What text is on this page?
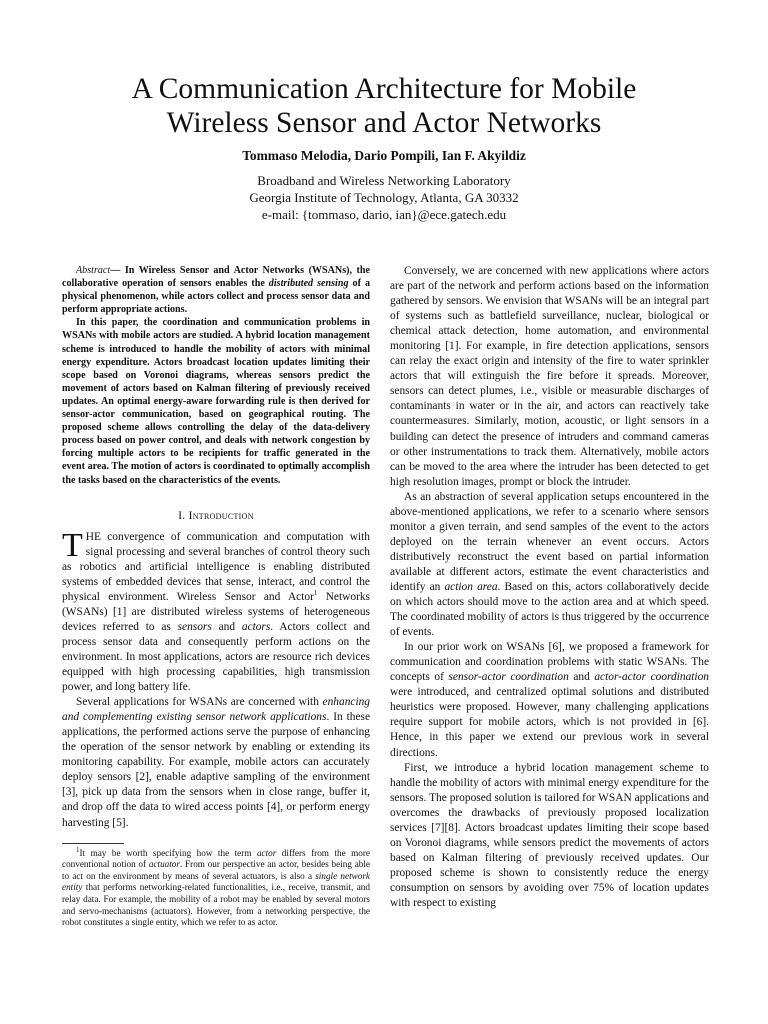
A Communication Architecture for Mobile
Wireless Sensor and Actor Networks
Tommaso Melodia, Dario Pompili, Ian F. Akyildiz
Broadband and Wireless Networking Laboratory
Georgia Institute of Technology, Atlanta, GA 30332
e-mail: {tommaso, dario, ian}@ece.gatech.edu

Abstract— In Wireless Sensor and Actor Networks (WSANs), the collaborative operation of sensors enables the distributed sensing of a physical phenomenon, while actors collect and process sensor data and perform appropriate actions.

In this paper, the coordination and communication problems in WSANs with mobile actors are studied. A hybrid location management scheme is introduced to handle the mobility of actors with minimal energy expenditure. Actors broadcast location updates limiting their scope based on Voronoi diagrams, whereas sensors predict the movement of actors based on Kalman filtering of previously received updates. An optimal energy-aware forwarding rule is then derived for sensor-actor communication, based on geographical routing. The proposed scheme allows controlling the delay of the data-delivery process based on power control, and deals with network congestion by forcing multiple actors to be recipients for traffic generated in the event area. The motion of actors is coordinated to optimally accomplish the tasks based on the characteristics of the events.

I. Introduction

THE convergence of communication and computation with signal processing and several branches of control theory such as robotics and artificial intelligence is enabling distributed systems of embedded devices that sense, interact, and control the physical environment. Wireless Sensor and Actor$^1$ Networks (WSANs) [1] are distributed wireless systems of heterogeneous devices referred to as sensors and actors. Actors collect and process sensor data and consequently perform actions on the environment. In most applications, actors are resource rich devices equipped with high processing capabilities, high transmission power, and long battery life.

Several applications for WSANs are concerned with enhancing and complementing existing sensor network applications. In these applications, the performed actions serve the purpose of enhancing the operation of the sensor network by enabling or extending its monitoring capability. For example, mobile actors can accurately deploy sensors [2], enable adaptive sampling of the environment [3], pick up data from the sensors when in close range, buffer it, and drop off the data to wired access points [4], or perform energy harvesting [5].

$^1$It may be worth specifying how the term actor differs from the more conventional notion of actuator. From our perspective an actor, besides being able to act on the environment by means of several actuators, is also a single network entity that performs networking-related functionalities, i.e., receive, transmit, and relay data. For example, the mobility of a robot may be enabled by several motors and servo-mechanisms (actuators). However, from a networking perspective, the robot constitutes a single entity, which we refer to as actor.

Conversely, we are concerned with new applications where actors are part of the network and perform actions based on the information gathered by sensors. We envision that WSANs will be an integral part of systems such as battlefield surveillance, nuclear, biological or chemical attack detection, home automation, and environmental monitoring [1]. For example, in fire detection applications, sensors can relay the exact origin and intensity of the fire to water sprinkler actors that will extinguish the fire before it spreads. Moreover, sensors can detect plumes, i.e., visible or measurable discharges of contaminants in water or in the air, and actors can reactively take countermeasures. Similarly, motion, acoustic, or light sensors in a building can detect the presence of intruders and command cameras or other instrumentations to track them. Alternatively, mobile actors can be moved to the area where the intruder has been detected to get high resolution images, prompt or block the intruder.

As an abstraction of several application setups encountered in the above-mentioned applications, we refer to a scenario where sensors monitor a given terrain, and send samples of the event to the actors deployed on the terrain whenever an event occurs. Actors distributively reconstruct the event based on partial information available at different actors, estimate the event characteristics and identify an action area. Based on this, actors collaboratively decide on which actors should move to the action area and at which speed. The coordinated mobility of actors is thus triggered by the occurrence of events.

In our prior work on WSANs [6], we proposed a framework for communication and coordination problems with static WSANs. The concepts of sensor-actor coordination and actor-actor coordination were introduced, and centralized optimal solutions and distributed heuristics were proposed. However, many challenging applications require support for mobile actors, which is not provided in [6]. Hence, in this paper we extend our previous work in several directions.

First, we introduce a hybrid location management scheme to handle the mobility of actors with minimal energy expenditure for the sensors. The proposed solution is tailored for WSAN applications and overcomes the drawbacks of previously proposed localization services [7][8]. Actors broadcast updates limiting their scope based on Voronoi diagrams, while sensors predict the movements of actors based on Kalman filtering of previously received updates. Our proposed scheme is shown to consistently reduce the energy consumption on sensors by avoiding over 75% of location updates with respect to existing
